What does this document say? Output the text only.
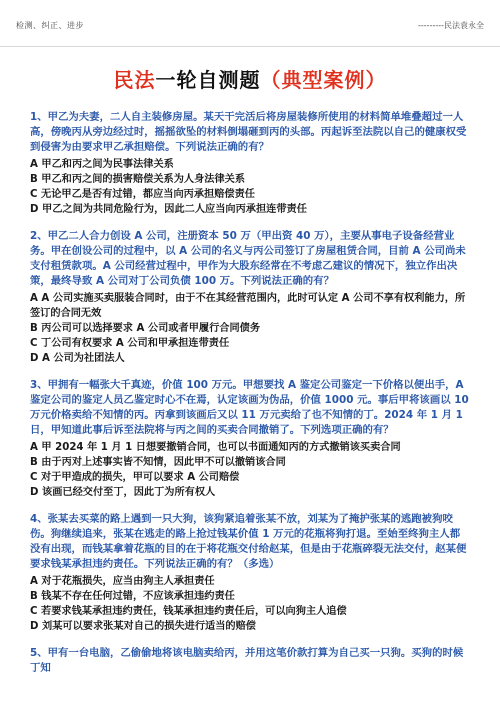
检测、纠正、进步	---------民法袁永全
民法一轮自测题（典型案例）
1、甲乙为夫妻，二人自主装修房屋。某天干完活后将房屋装修所使用的材料简单堆叠超过一人高，傍晚丙从旁边经过时，摇摇欲坠的材料倒塌砸到丙的头部。丙起诉至法院以自己的健康权受到侵害为由要求甲乙承担赔偿。下列说法正确的有？
A 甲乙和丙之间为民事法律关系
B 甲乙和丙之间的损害赔偿关系为人身法律关系
C 无论甲乙是否有过错，都应当向丙承担赔偿责任
D 甲乙之间为共同危险行为，因此二人应当向丙承担连带责任
2、甲乙二人合力创设 A 公司，注册资本 50 万（甲出资 40 万），主要从事电子设备经营业务。甲在创设公司的过程中，以 A 公司的名义与丙公司签订了房屋租赁合同，目前 A 公司尚未支付租赁款项。A 公司经营过程中，甲作为大股东经常在不考虑乙建议的情况下，独立作出决策，最终导致 A 公司对丁公司负债 100 万。下列说法正确的有？
A A 公司实施买卖服装合同时，由于不在其经营范围内，此时可认定 A 公司不享有权利能力，所签订的合同无效
B 丙公司可以选择要求 A 公司或者甲履行合同债务
C 丁公司有权要求 A 公司和甲承担连带责任
D A 公司为社团法人
3、甲拥有一幅张大千真迹，价值 100 万元。甲想要找 A 鉴定公司鉴定一下价格以便出手，A 鉴定公司的鉴定人员乙鉴定时心不在焉，认定该画为伪品，价值 1000 元。事后甲将该画以 10 万元价格卖给不知情的丙。丙拿到该画后又以 11 万元卖给了也不知情的丁。2024 年 1 月 1 日，甲知道此事后诉至法院将与丙之间的买卖合同撤销了。下列选项正确的有？
A 甲 2024 年 1 月 1 日想要撤销合同，也可以书面通知丙的方式撤销该买卖合同
B 由于丙对上述事实皆不知情，因此甲不可以撤销该合同
C 对于甲造成的损失，甲可以要求 A 公司赔偿
D 该画已经交付至丁，因此丁为所有权人
4、张某去买菜的路上遇到一只大狗，该狗紧追着张某不放，刘某为了掩护张某的逃跑被狗咬伤。狗继续追来，张某在逃走的路上抢过钱某价值 1 万元的花瓶将狗打退。至始至终狗主人都没有出现，而钱某拿着花瓶的目的在于将花瓶交付给赵某，但是由于花瓶碎裂无法交付，赵某便要求钱某承担违约责任。下列说法正确的有？（多选）
A 对于花瓶损失，应当由狗主人承担责任
B 钱某不存在任何过错，不应该承担违约责任
C 若要求钱某承担违约责任，钱某承担违约责任后，可以向狗主人追偿
D 刘某可以要求张某对自己的损失进行适当的赔偿
5、甲有一台电脑，乙偷偷地将该电脑卖给丙，并用这笔价款打算为自己买一只狗。买狗的时候丁知
